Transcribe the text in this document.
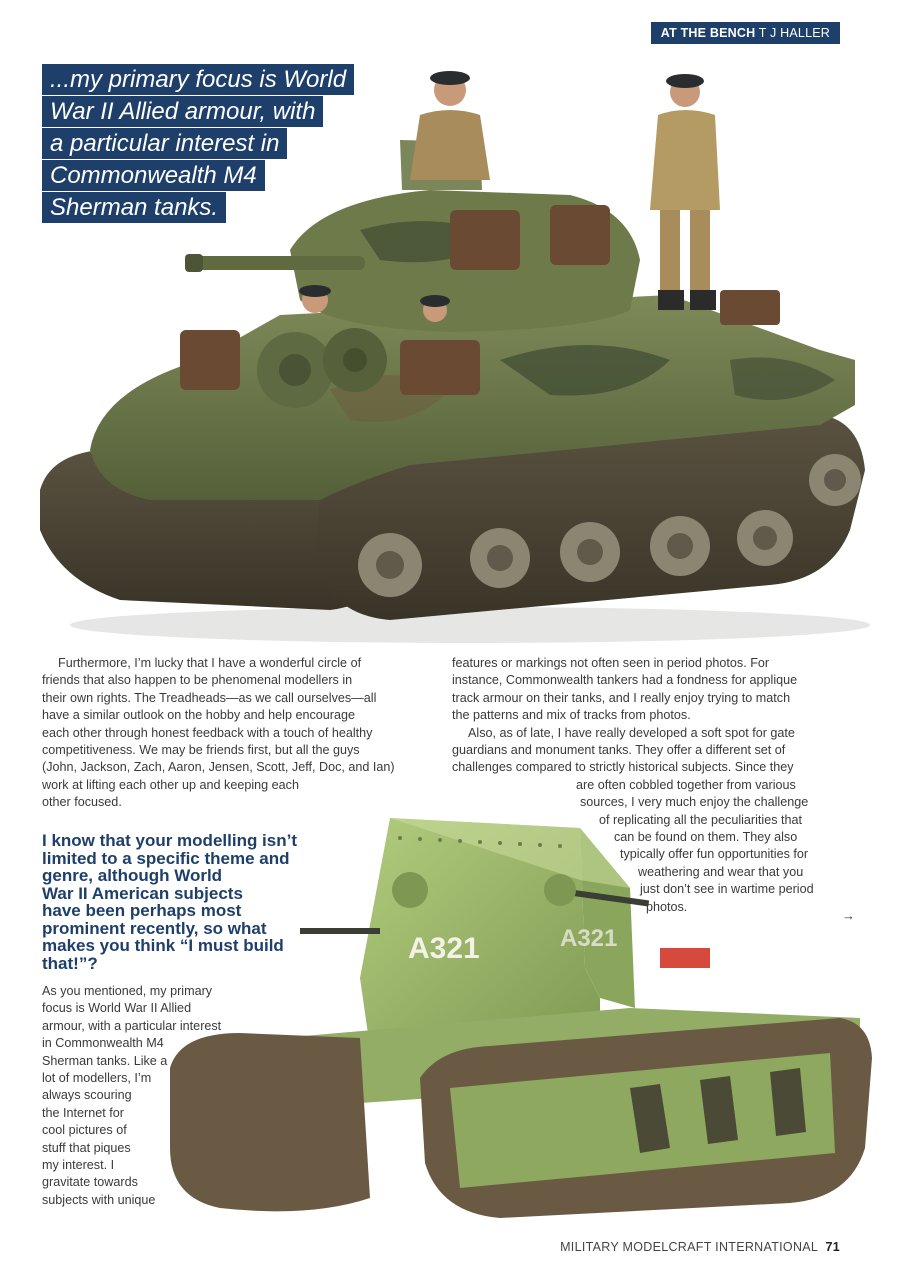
AT THE BENCH T J HALLER
...my primary focus is World
War II Allied armour, with
a particular interest in
Commonwealth M4
Sherman tanks.
A321	A321
Furthermore, I’m lucky that I have a wonderful circle of
friends that also happen to be phenomenal modellers in
their own rights. The Treadheads—as we call ourselves—all
have a similar outlook on the hobby and help encourage
each other through honest feedback with a touch of healthy
competitiveness. We may be friends first, but all the guys
(John, Jackson, Zach, Aaron, Jensen, Scott, Jeff, Doc, and Ian)
work at lifting each other up and keeping each
other focused.
I know that your modelling isn’t
limited to a specific theme and
genre, although World
War II American subjects
have been perhaps most
prominent recently, so what
makes you think “I must build
that!”?
As you mentioned, my primary
focus is World War II Allied
armour, with a particular interest
in Commonwealth M4
Sherman tanks. Like a
lot of modellers, I’m
always scouring
the Internet for
cool pictures of
stuff that piques
my interest. I
gravitate towards
subjects with unique
features or markings not often seen in period photos. For
instance, Commonwealth tankers had a fondness for applique
track armour on their tanks, and I really enjoy trying to match
the patterns and mix of tracks from photos.
Also, as of late, I have really developed a soft spot for gate
guardians and monument tanks. They offer a different set of
challenges compared to strictly historical subjects. Since they
are often cobbled together from various
sources, I very much enjoy the challenge
of replicating all the peculiarities that
can be found on them. They also
typically offer fun opportunities for
weathering and wear that you
just don’t see in wartime period
photos.
→
MILITARY MODELCRAFT INTERNATIONAL 71
